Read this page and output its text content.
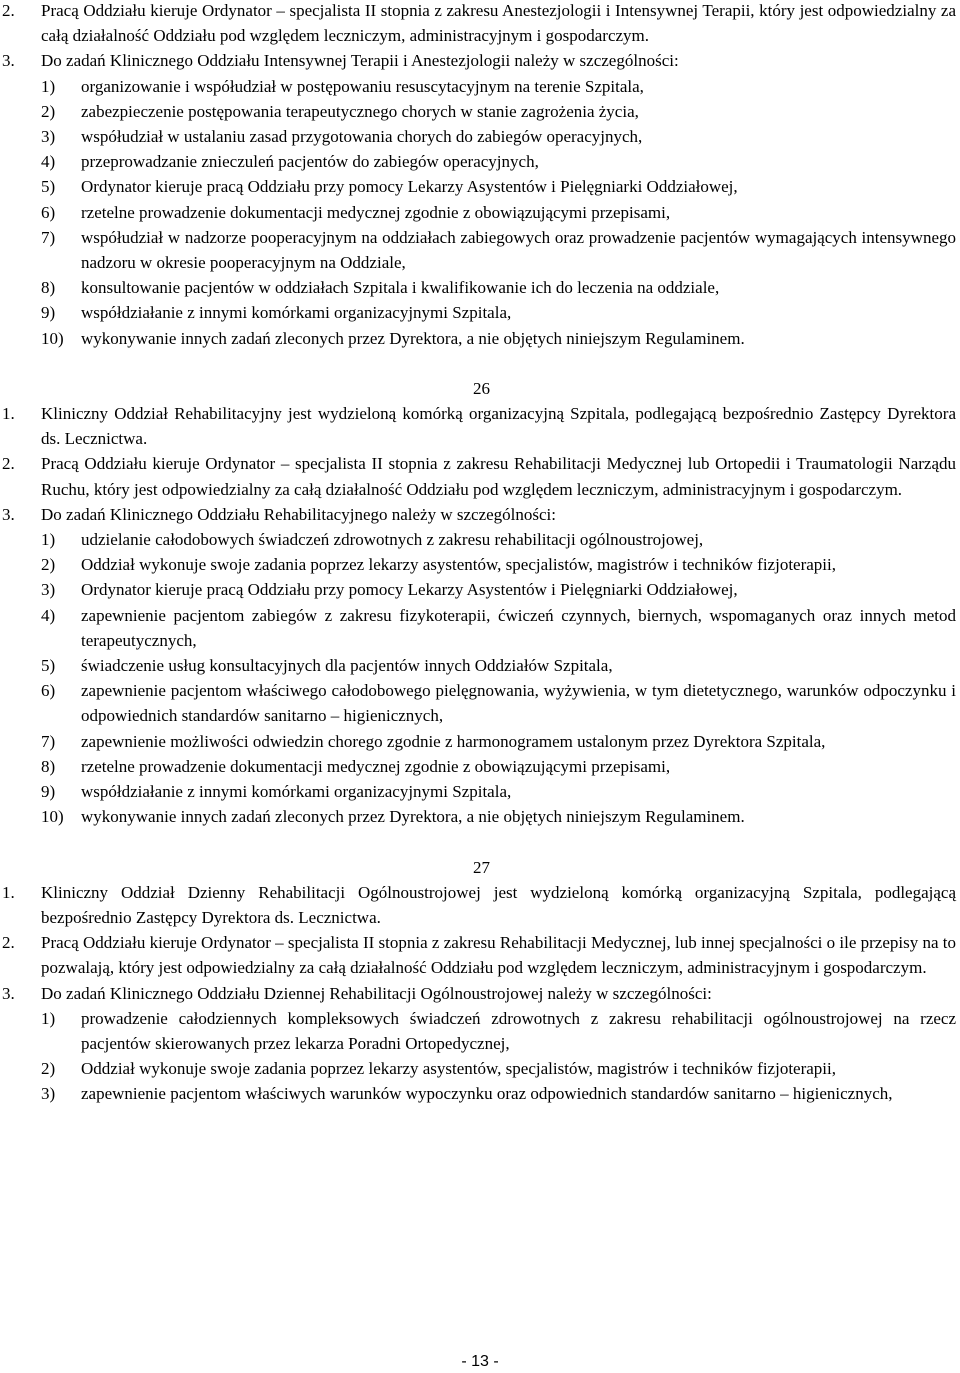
2. Pracą Oddziału kieruje Ordynator – specjalista II stopnia z zakresu Anestezjologii i Intensywnej Terapii, który jest odpowiedzialny za całą działalność Oddziału pod względem leczniczym, administracyjnym i gospodarczym.
3. Do zadań Klinicznego Oddziału Intensywnej Terapii i Anestezjologii należy w szczególności:
1) organizowanie i współudział w postępowaniu resuscytacyjnym na terenie Szpitala,
2) zabezpieczenie postępowania terapeutycznego chorych w stanie zagrożenia życia,
3) współudział w ustalaniu zasad przygotowania chorych do zabiegów operacyjnych,
4) przeprowadzanie znieczuleń pacjentów do zabiegów operacyjnych,
5) Ordynator kieruje pracą Oddziału przy pomocy Lekarzy Asystentów i Pielęgniarki Oddziałowej,
6) rzetelne prowadzenie dokumentacji medycznej zgodnie z obowiązującymi przepisami,
7) współudział w nadzorze pooperacyjnym na oddziałach zabiegowych oraz prowadzenie pacjentów wymagających intensywnego nadzoru w okresie pooperacyjnym na Oddziale,
8) konsultowanie pacjentów w oddziałach Szpitala i kwalifikowanie ich do leczenia na oddziale,
9) współdziałanie z innymi komórkami organizacyjnymi Szpitala,
10) wykonywanie innych zadań zleconych przez Dyrektora, a nie objętych niniejszym Regulaminem.
26
1. Kliniczny Oddział Rehabilitacyjny jest wydzieloną komórką organizacyjną Szpitala, podlegającą bezpośrednio Zastępcy Dyrektora ds. Lecznictwa.
2. Pracą Oddziału kieruje Ordynator – specjalista II stopnia z zakresu Rehabilitacji Medycznej lub Ortopedii i Traumatologii Narządu Ruchu, który jest odpowiedzialny za całą działalność Oddziału pod względem leczniczym, administracyjnym i gospodarczym.
3. Do zadań Klinicznego Oddziału Rehabilitacyjnego należy w szczególności:
1) udzielanie całodobowych świadczeń zdrowotnych z zakresu rehabilitacji ogólnoustrojowej,
2) Oddział wykonuje swoje zadania poprzez lekarzy asystentów, specjalistów, magistrów i techników fizjoterapii,
3) Ordynator kieruje pracą Oddziału przy pomocy Lekarzy Asystentów i Pielęgniarki Oddziałowej,
4) zapewnienie pacjentom zabiegów z zakresu fizykoterapii, ćwiczeń czynnych, biernych, wspomaganych oraz innych metod terapeutycznych,
5) świadczenie usług konsultacyjnych dla pacjentów innych Oddziałów Szpitala,
6) zapewnienie pacjentom właściwego całodobowego pielęgnowania, wyżywienia, w tym dietetycznego, warunków odpoczynku i odpowiednich standardów sanitarno – higienicznych,
7) zapewnienie możliwości odwiedzin chorego zgodnie z harmonogramem ustalonym przez Dyrektora Szpitala,
8) rzetelne prowadzenie dokumentacji medycznej zgodnie z obowiązującymi przepisami,
9) współdziałanie z innymi komórkami organizacyjnymi Szpitala,
10) wykonywanie innych zadań zleconych przez Dyrektora, a nie objętych niniejszym Regulaminem.
27
1. Kliniczny Oddział Dzienny Rehabilitacji Ogólnoustrojowej jest wydzieloną komórką organizacyjną Szpitala, podlegającą bezpośrednio Zastępcy Dyrektora ds. Lecznictwa.
2. Pracą Oddziału kieruje Ordynator – specjalista II stopnia z zakresu Rehabilitacji Medycznej, lub innej specjalności o ile przepisy na to pozwalają, który jest odpowiedzialny za całą działalność Oddziału pod względem leczniczym, administracyjnym i gospodarczym.
3. Do zadań Klinicznego Oddziału Dziennej Rehabilitacji Ogólnoustrojowej należy w szczególności:
1) prowadzenie całodziennych kompleksowych świadczeń zdrowotnych z zakresu rehabilitacji ogólnoustrojowej na rzecz pacjentów skierowanych przez lekarza Poradni Ortopedycznej,
2) Oddział wykonuje swoje zadania poprzez lekarzy asystentów, specjalistów, magistrów i techników fizjoterapii,
3) zapewnienie pacjentom właściwych warunków wypoczynku oraz odpowiednich standardów sanitarno – higienicznych,
- 13 -
